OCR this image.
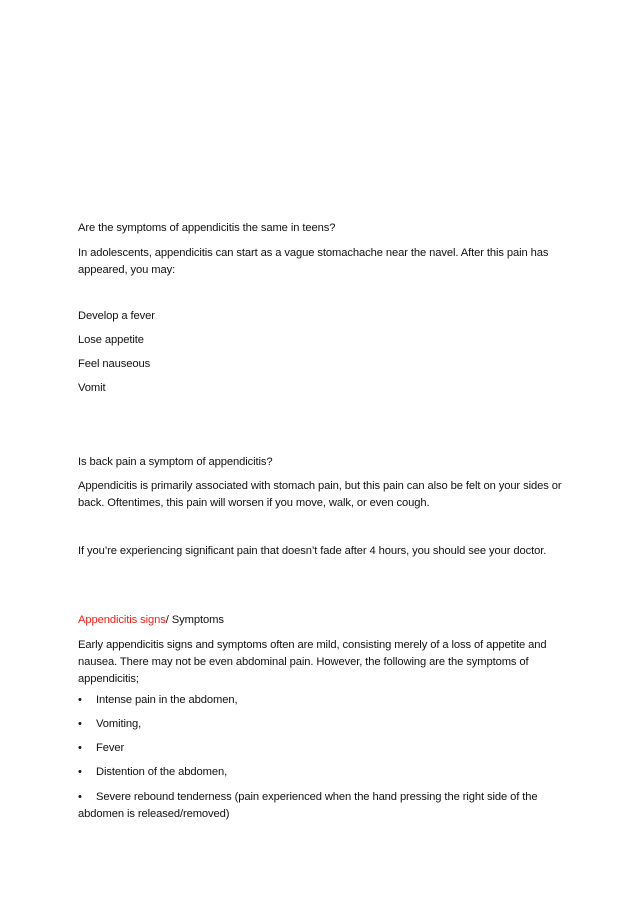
Are the symptoms of appendicitis the same in teens?
In adolescents, appendicitis can start as a vague stomachache near the navel. After this pain has appeared, you may:
Develop a fever
Lose appetite
Feel nauseous
Vomit
Is back pain a symptom of appendicitis?
Appendicitis is primarily associated with stomach pain, but this pain can also be felt on your sides or back. Oftentimes, this pain will worsen if you move, walk, or even cough.
If you’re experiencing significant pain that doesn’t fade after 4 hours, you should see your doctor.
Appendicitis signs/ Symptoms
Early appendicitis signs and symptoms often are mild, consisting merely of a loss of appetite and nausea. There may not be even abdominal pain. However, the following are the symptoms of appendicitis;
• Intense pain in the abdomen,
• Vomiting,
• Fever
• Distention of the abdomen,
• Severe rebound tenderness (pain experienced when the hand pressing the right side of the abdomen is released/removed)
